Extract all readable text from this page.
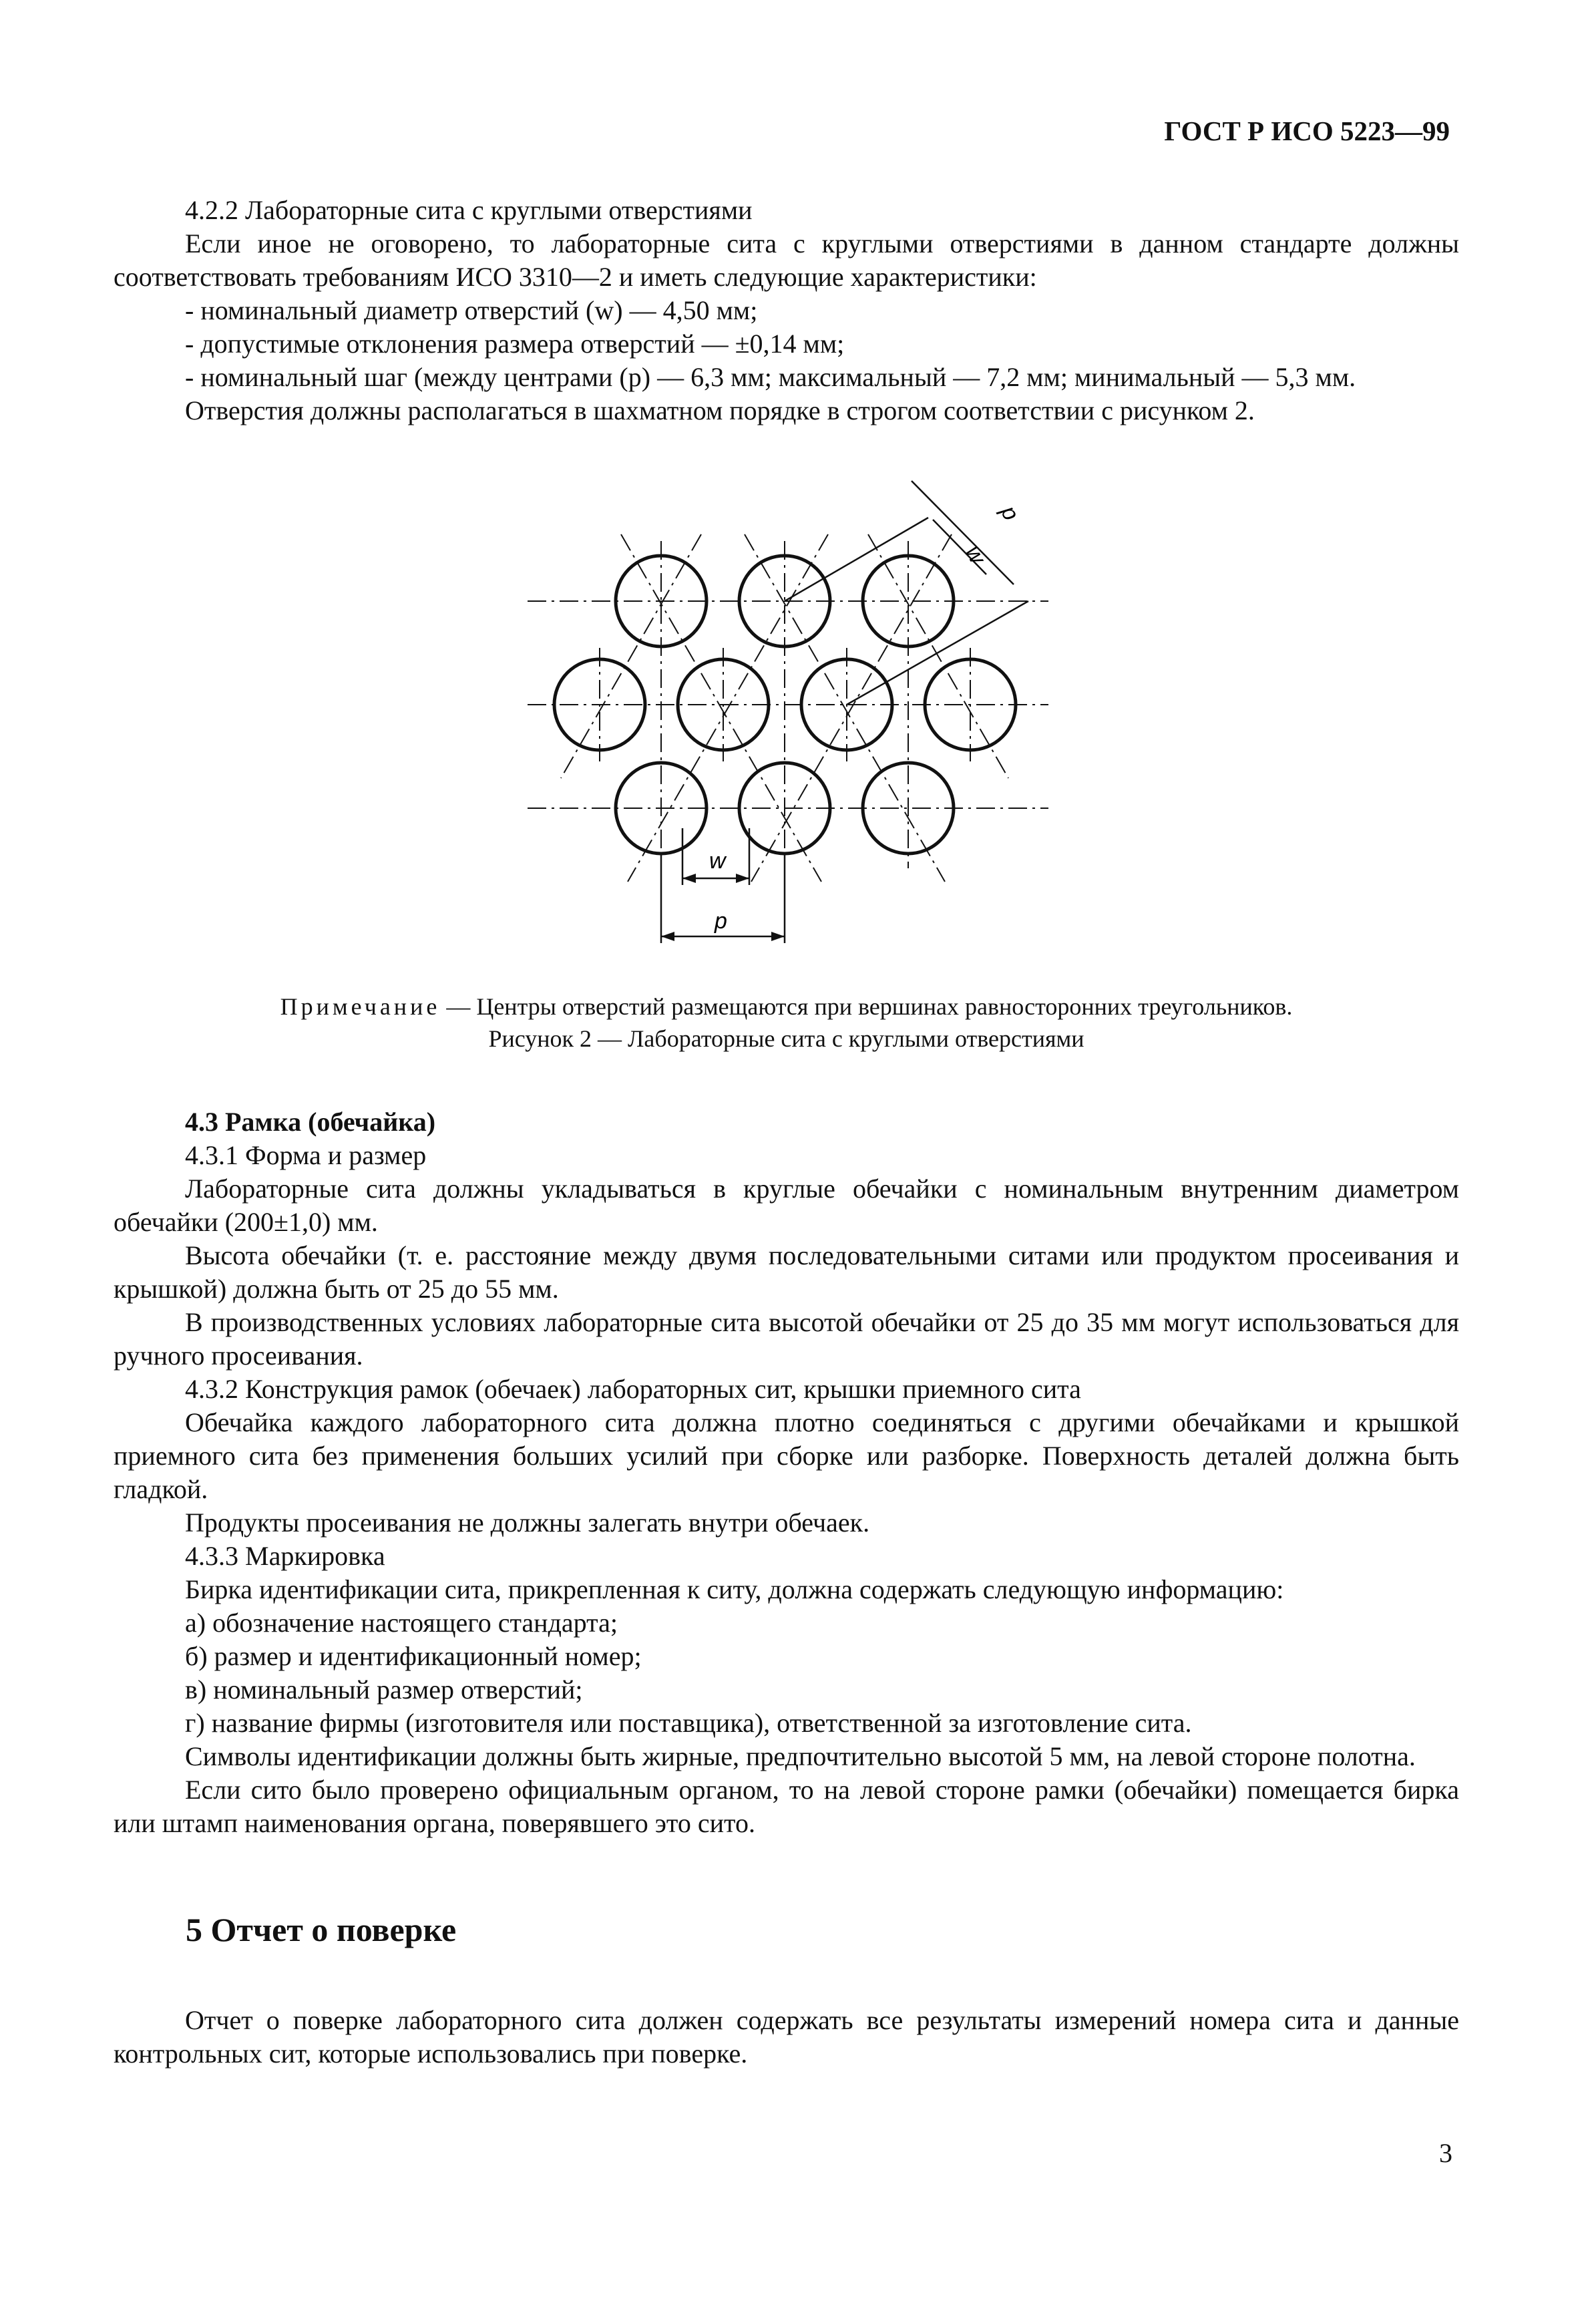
ГОСТ Р ИСО 5223—99

4.2.2 Лабораторные сита с круглыми отверстиями

Если иное не оговорено, то лабораторные сита с круглыми отверстиями в данном стандарте должны соответствовать требованиям ИСО 3310—2 и иметь следующие характеристики:

- номинальный диаметр отверстий (w) — 4,50 мм;

- допустимые отклонения размера отверстий — ±0,14 мм;

- номинальный шаг (между центрами (p) — 6,3 мм; максимальный — 7,2 мм; минимальный — 5,3 мм.

Отверстия должны располагаться в шахматном порядке в строгом соответствии с рисунком 2.

w
p
w
p
Примечание — Центры отверстий размещаются при вершинах равносторонних треугольников.
Рисунок 2 — Лабораторные сита с круглыми отверстиями

4.3 Рамка (обечайка)

4.3.1 Форма и размер

Лабораторные сита должны укладываться в круглые обечайки с номинальным внутренним диаметром обечайки (200±1,0) мм.

Высота обечайки (т. е. расстояние между двумя последовательными ситами или продуктом просеивания и крышкой) должна быть от 25 до 55 мм.

В производственных условиях лабораторные сита высотой обечайки от 25 до 35 мм могут использоваться для ручного просеивания.

4.3.2 Конструкция рамок (обечаек) лабораторных сит, крышки приемного сита

Обечайка каждого лабораторного сита должна плотно соединяться с другими обечайками и крышкой приемного сита без применения больших усилий при сборке или разборке. Поверхность деталей должна быть гладкой.

Продукты просеивания не должны залегать внутри обечаек.

4.3.3 Маркировка

Бирка идентификации сита, прикрепленная к ситу, должна содержать следующую информацию:

а) обозначение настоящего стандарта;

б) размер и идентификационный номер;

в) номинальный размер отверстий;

г) название фирмы (изготовителя или поставщика), ответственной за изготовление сита.

Символы идентификации должны быть жирные, предпочтительно высотой 5 мм, на левой стороне полотна.

Если сито было проверено официальным органом, то на левой стороне рамки (обечайки) помещается бирка или штамп наименования органа, поверявшего это сито.

5 Отчет о поверке

Отчет о поверке лабораторного сита должен содержать все результаты измерений номера сита и данные контрольных сит, которые использовались при поверке.

3
